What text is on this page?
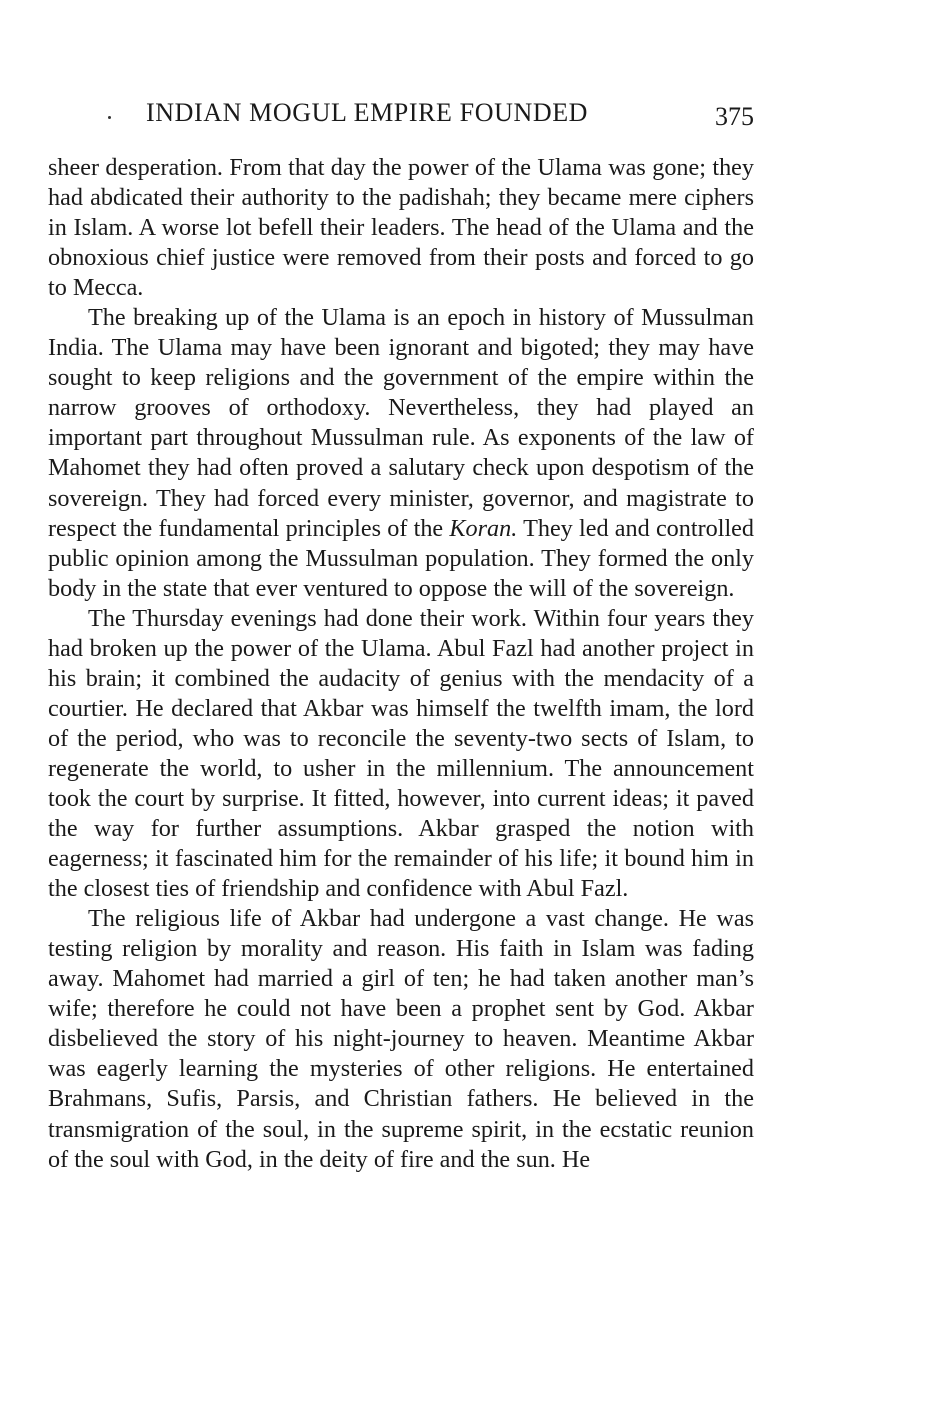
INDIAN MOGUL EMPIRE FOUNDED	375

sheer desperation. From that day the power of the Ulama was gone; they had abdicated their authority to the padishah; they became mere ciphers in Islam. A worse lot befell their leaders. The head of the Ulama and the obnoxious chief justice were removed from their posts and forced to go to Mecca.

The breaking up of the Ulama is an epoch in history of Mussulman India. The Ulama may have been ignorant and bigoted; they may have sought to keep religions and the government of the empire within the narrow grooves of orthodoxy. Nevertheless, they had played an important part throughout Mussulman rule. As exponents of the law of Mahomet they had often proved a salutary check upon despotism of the sovereign. They had forced every minister, governor, and magistrate to respect the fundamental principles of the Koran. They led and controlled public opinion among the Mussulman population. They formed the only body in the state that ever ventured to oppose the will of the sovereign.

The Thursday evenings had done their work. Within four years they had broken up the power of the Ulama. Abul Fazl had another project in his brain; it combined the audacity of genius with the mendacity of a courtier. He declared that Akbar was himself the twelfth imam, the lord of the period, who was to reconcile the seventy-two sects of Islam, to regenerate the world, to usher in the millennium. The announcement took the court by surprise. It fitted, however, into current ideas; it paved the way for further assumptions. Akbar grasped the notion with eagerness; it fascinated him for the remainder of his life; it bound him in the closest ties of friendship and confidence with Abul Fazl.

The religious life of Akbar had undergone a vast change. He was testing religion by morality and reason. His faith in Islam was fading away. Mahomet had married a girl of ten; he had taken another man’s wife; therefore he could not have been a prophet sent by God. Akbar disbelieved the story of his night-journey to heaven. Meantime Akbar was eagerly learning the mysteries of other religions. He entertained Brahmans, Sufis, Parsis, and Christian fathers. He believed in the transmigration of the soul, in the supreme spirit, in the ecstatic reunion of the soul with God, in the deity of fire and the sun. He
